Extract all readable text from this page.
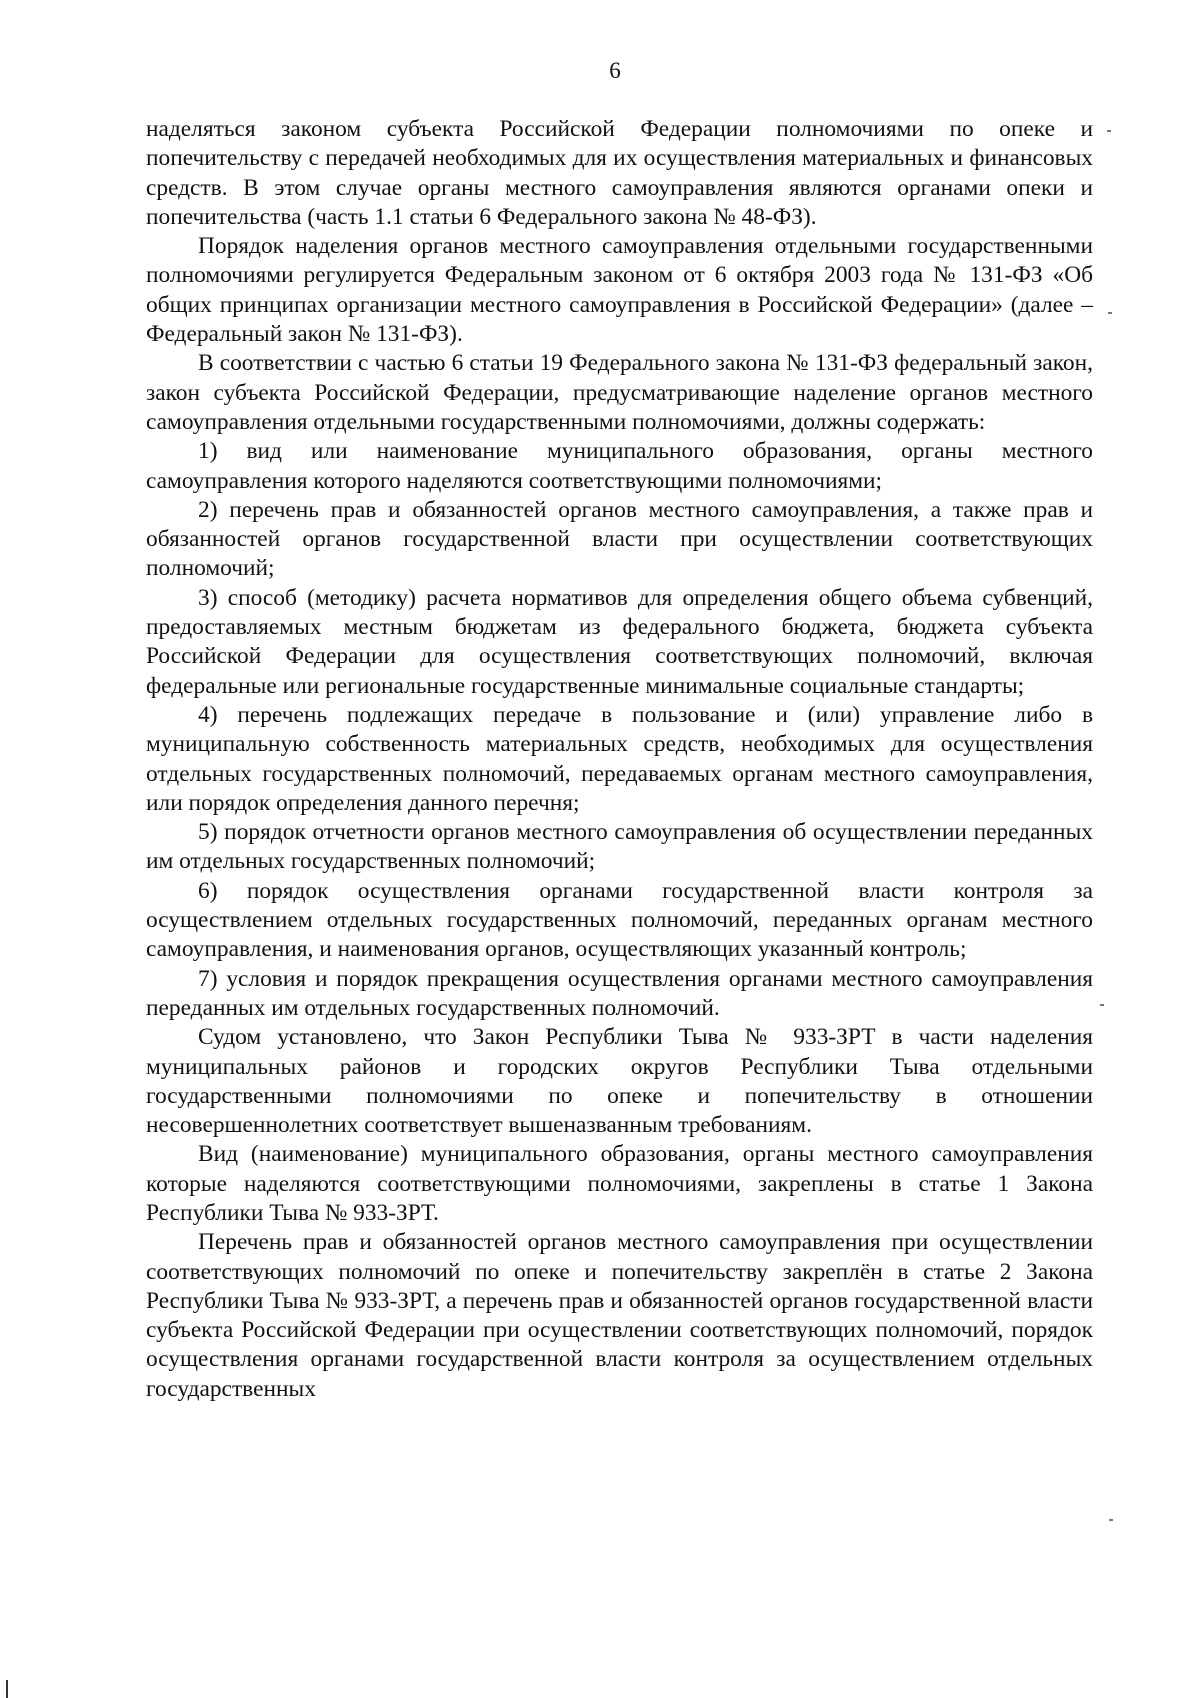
6

наделяться законом субъекта Российской Федерации полномочиями по опеке и попечительству с передачей необходимых для их осуществления материальных и финансовых средств. В этом случае органы местного самоуправления являются органами опеки и попечительства (часть 1.1 статьи 6 Федерального закона № 48-ФЗ).

Порядок наделения органов местного самоуправления отдельными государственными полномочиями регулируется Федеральным законом от 6 октября 2003 года № 131-ФЗ «Об общих принципах организации местного самоуправления в Российской Федерации» (далее – Федеральный закон № 131-ФЗ).

В соответствии с частью 6 статьи 19 Федерального закона № 131-ФЗ федеральный закон, закон субъекта Российской Федерации, предусматривающие наделение органов местного самоуправления отдельными государственными полномочиями, должны содержать:

1) вид или наименование муниципального образования, органы местного самоуправления которого наделяются соответствующими полномочиями;

2) перечень прав и обязанностей органов местного самоуправления, а также прав и обязанностей органов государственной власти при осуществлении соответствующих полномочий;

3) способ (методику) расчета нормативов для определения общего объема субвенций, предоставляемых местным бюджетам из федерального бюджета, бюджета субъекта Российской Федерации для осуществления соответствующих полномочий, включая федеральные или региональные государственные минимальные социальные стандарты;

4) перечень подлежащих передаче в пользование и (или) управление либо в муниципальную собственность материальных средств, необходимых для осуществления отдельных государственных полномочий, передаваемых органам местного самоуправления, или порядок определения данного перечня;

5) порядок отчетности органов местного самоуправления об осуществлении переданных им отдельных государственных полномочий;

6) порядок осуществления органами государственной власти контроля за осуществлением отдельных государственных полномочий, переданных органам местного самоуправления, и наименования органов, осуществляющих указанный контроль;

7) условия и порядок прекращения осуществления органами местного самоуправления переданных им отдельных государственных полномочий.

Судом установлено, что Закон Республики Тыва № 933-ЗРТ в части наделения муниципальных районов и городских округов Республики Тыва отдельными государственными полномочиями по опеке и попечительству в отношении несовершеннолетних соответствует вышеназванным требованиям.

Вид (наименование) муниципального образования, органы местного самоуправления которые наделяются соответствующими полномочиями, закреплены в статье 1 Закона Республики Тыва № 933-ЗРТ.

Перечень прав и обязанностей органов местного самоуправления при осуществлении соответствующих полномочий по опеке и попечительству закреплён в статье 2 Закона Республики Тыва № 933-ЗРТ, а перечень прав и обязанностей органов государственной власти субъекта Российской Федерации при осуществлении соответствующих полномочий, порядок осуществления органами государственной власти контроля за осуществлением отдельных государственных
